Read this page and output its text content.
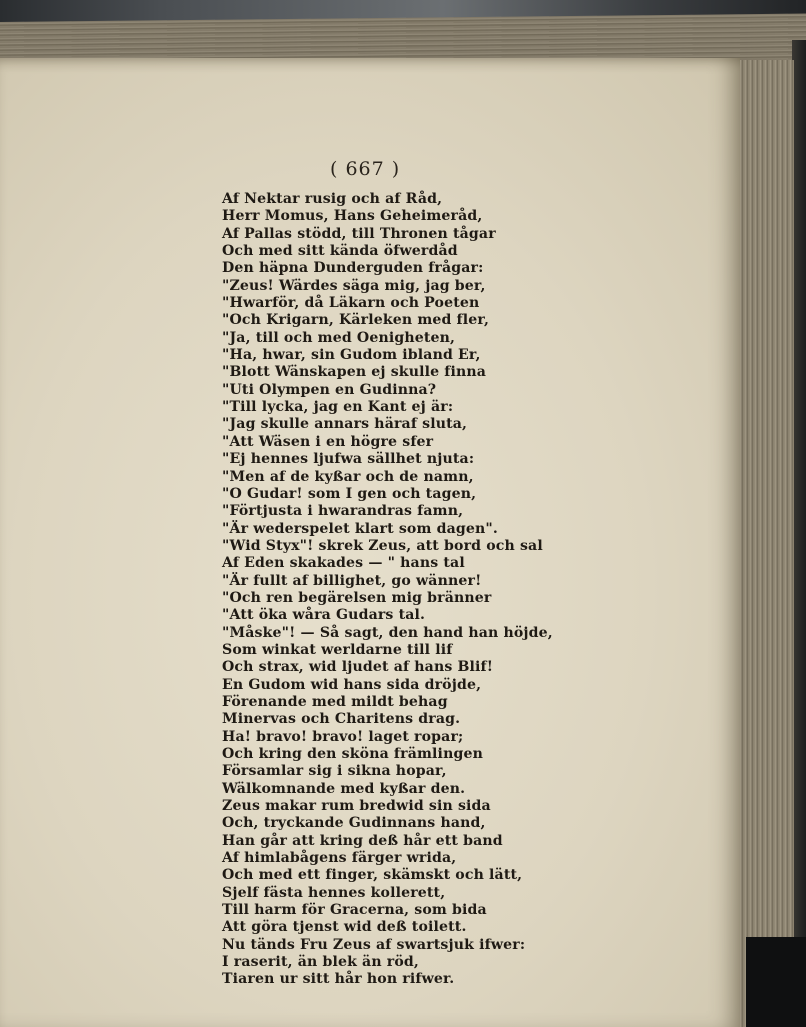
( 667 )
Af Nektar rusig och af Råd,
Herr Momus, Hans Geheimeråd,
Af Pallas stödd, till Thronen tågar
Och med sitt kända öfwerdåd
Den häpna Dunderguden frågar:
"Zeus! Wärdes säga mig, jag ber,
"Hwarför, då Läkarn och Poeten
"Och Krigarn, Kärleken med fler,
"Ja, till och med Oenigheten,
"Ha, hwar, sin Gudom ibland Er,
"Blott Wänskapen ej skulle finna
"Uti Olympen en Gudinna?
"Till lycka, jag en Kant ej är:
"Jag skulle annars häraf sluta,
"Att Wäsen i en högre sfer
"Ej hennes ljufwa sällhet njuta:
"Men af de kyßar och de namn,
"O Gudar! som I gen och tagen,
"Förtjusta i hwarandras famn,
"Är wederspelet klart som dagen".
"Wid Styx"! skrek Zeus, att bord och sal
Af Eden skakades — " hans tal
"Är fullt af billighet, go wänner!
"Och ren begärelsen mig bränner
"Att öka wåra Gudars tal.
"Måske"! — Så sagt, den hand han höjde,
Som winkat werldarne till lif
Och strax, wid ljudet af hans Blif!
En Gudom wid hans sida dröjde,
Förenande med mildt behag
Minervas och Charitens drag.
Ha! bravo! bravo! laget ropar;
Och kring den sköna främlingen
Församlar sig i sikna hopar,
Wälkomnande med kyßar den.
Zeus makar rum bredwid sin sida
Och, tryckande Gudinnans hand,
Han går att kring deß hår ett band
Af himlabågens färger wrida,
Och med ett finger, skämskt och lätt,
Sjelf fästa hennes kollerett,
Till harm för Gracerna, som bida
Att göra tjenst wid deß toilett.
Nu tänds Fru Zeus af swartsjuk ifwer:
I raserit, än blek än röd,
Tiaren ur sitt hår hon rifwer.
